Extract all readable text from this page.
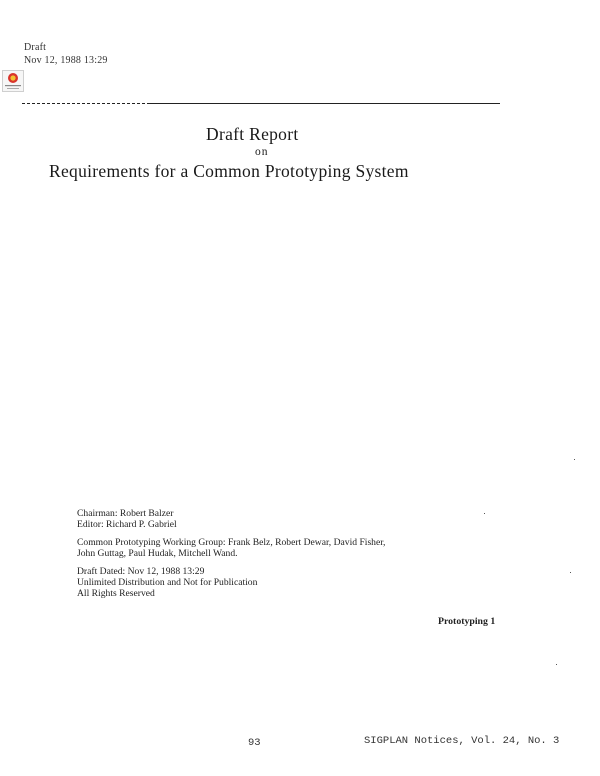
Draft
Nov 12, 1988 13:29
Draft Report
on
Requirements for a Common Prototyping System
Chairman: Robert Balzer
Editor: Richard P. Gabriel
Common Prototyping Working Group: Frank Belz, Robert Dewar, David Fisher,
John Guttag, Paul Hudak, Mitchell Wand.
Draft Dated: Nov 12, 1988 13:29
Unlimited Distribution and Not for Publication
All Rights Reserved
Prototyping 1
93	SIGPLAN Notices, Vol. 24, No. 3
